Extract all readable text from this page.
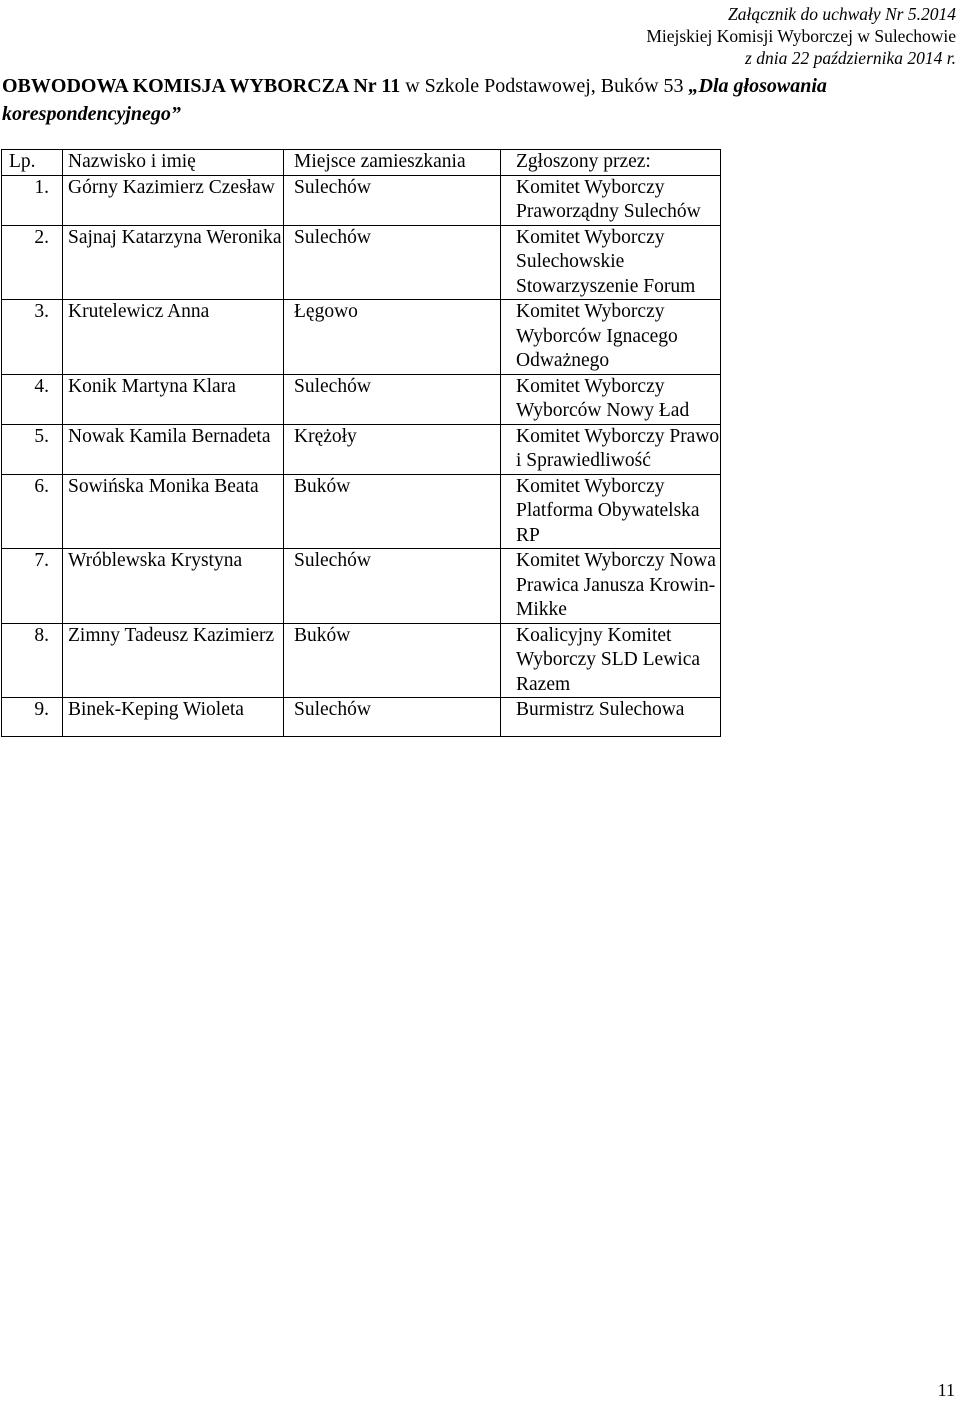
Załącznik do uchwały Nr 5.2014
Miejskiej Komisji Wyborczej w Sulechowie
z dnia 22 października 2014 r.
OBWODOWA KOMISJA WYBORCZA Nr 11 w Szkole Podstawowej, Buków 53 „Dla głosowania
korespondencyjnego”
Lp.	Nazwisko i imię	Miejsce zamieszkania	Zgłoszony przez:

1.	Górny Kazimierz Czesław	Sulechów	Komitet Wyborczy Praworządny Sulechów

2.	Sajnaj Katarzyna Weronika	Sulechów	Komitet Wyborczy Sulechowskie Stowarzyszenie Forum

3.	Krutelewicz Anna	Łęgowo	Komitet Wyborczy Wyborców Ignacego Odważnego

4.	Konik Martyna Klara	Sulechów	Komitet Wyborczy Wyborców Nowy Ład

5.	Nowak Kamila Bernadeta	Krężoły	Komitet Wyborczy Prawo i Sprawiedliwość

6.	Sowińska Monika Beata	Buków	Komitet Wyborczy Platforma Obywatelska RP

7.	Wróblewska Krystyna	Sulechów	Komitet Wyborczy Nowa Prawica Janusza Krowin-Mikke

8.	Zimny Tadeusz Kazimierz	Buków	Koalicyjny Komitet Wyborczy SLD Lewica Razem

9.	Binek-Keping Wioleta	Sulechów	Burmistrz Sulechowa
11
